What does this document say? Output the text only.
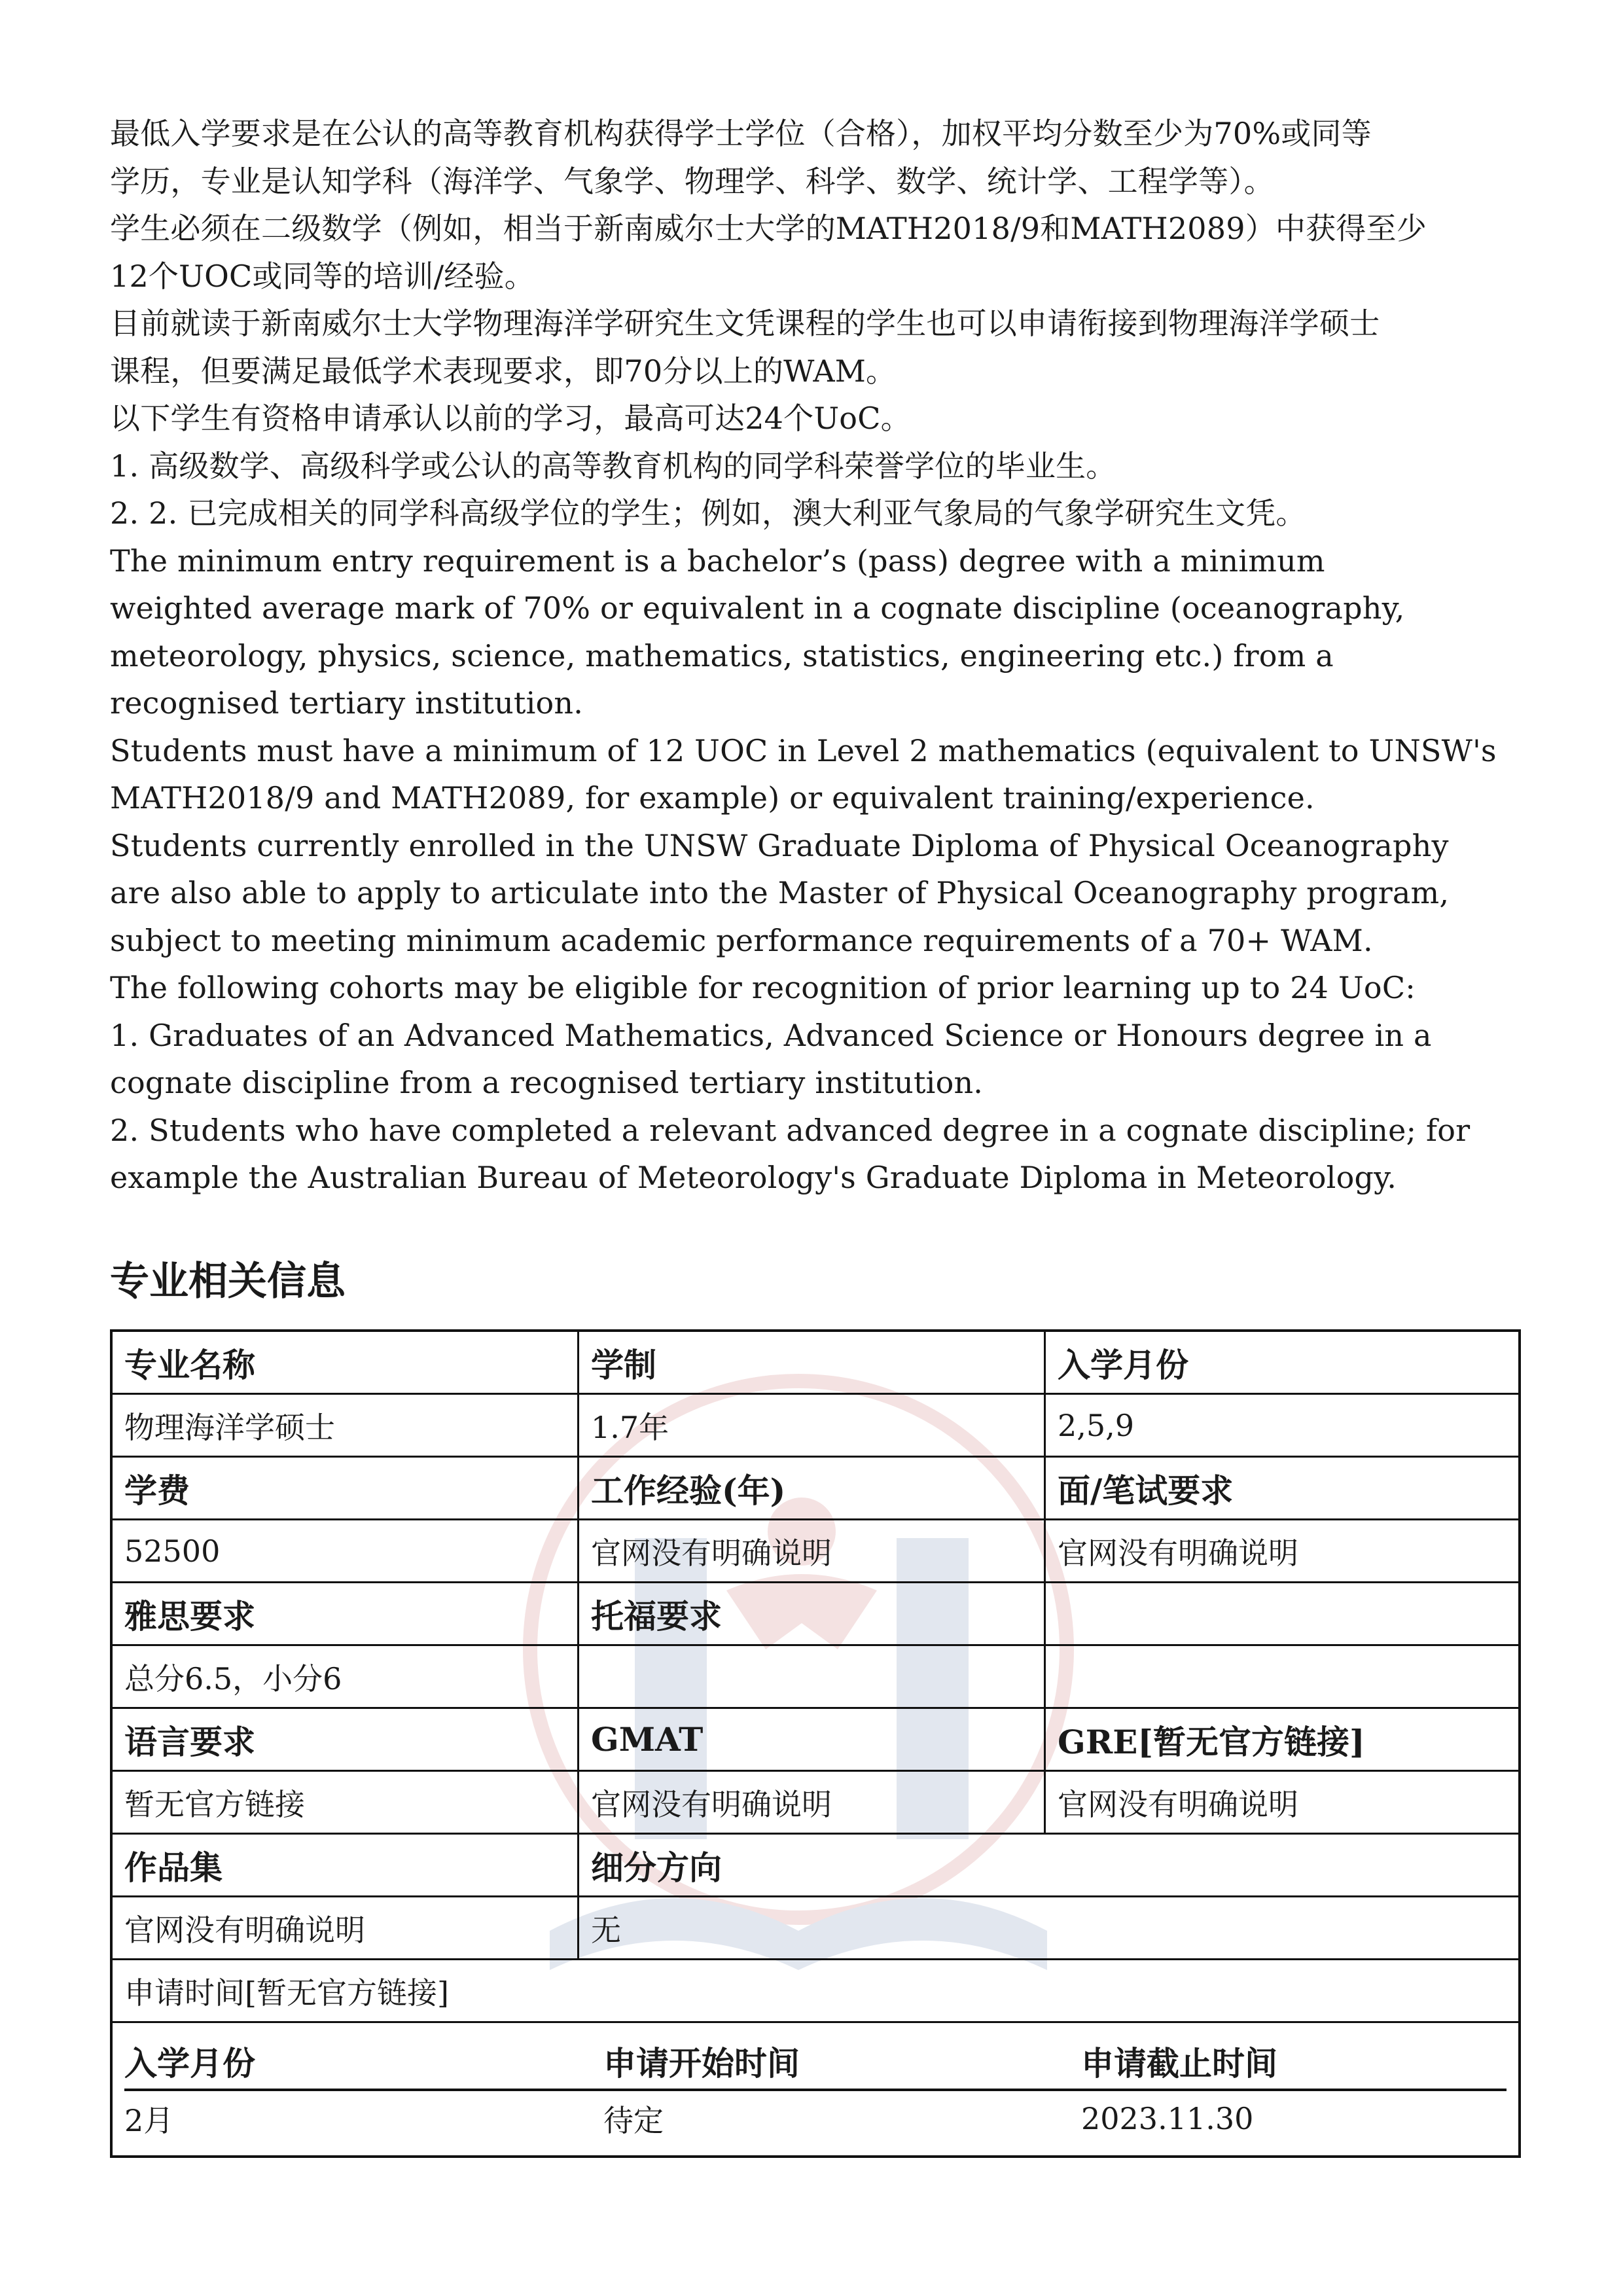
最低入学要求是在公认的高等教育机构获得学士学位（合格），加权平均分数至少为70%或同等

学历，专业是认知学科（海洋学、气象学、物理学、科学、数学、统计学、工程学等）。

学生必须在二级数学（例如，相当于新南威尔士大学的MATH2018/9和MATH2089）中获得至少

12个UOC或同等的培训/经验。

目前就读于新南威尔士大学物理海洋学研究生文凭课程的学生也可以申请衔接到物理海洋学硕士

课程，但要满足最低学术表现要求，即70分以上的WAM。

以下学生有资格申请承认以前的学习，最高可达24个UoC。

1. 高级数学、高级科学或公认的高等教育机构的同学科荣誉学位的毕业生。

2. 2. 已完成相关的同学科高级学位的学生；例如，澳大利亚气象局的气象学研究生文凭。

The minimum entry requirement is a bachelor’s (pass) degree with a minimum

weighted average mark of 70% or equivalent in a cognate discipline (oceanography,

meteorology, physics, science, mathematics, statistics, engineering etc.) from a

recognised tertiary institution.

Students must have a minimum of 12 UOC in Level 2 mathematics (equivalent to UNSW's

MATH2018/9 and MATH2089, for example) or equivalent training/experience.

Students currently enrolled in the UNSW Graduate Diploma of Physical Oceanography

are also able to apply to articulate into the Master of Physical Oceanography program,

subject to meeting minimum academic performance requirements of a 70+ WAM.

The following cohorts may be eligible for recognition of prior learning up to 24 UoC:

1. Graduates of an Advanced Mathematics, Advanced Science or Honours degree in a

cognate discipline from a recognised tertiary institution.

2. Students who have completed a relevant advanced degree in a cognate discipline; for

example the Australian Bureau of Meteorology's Graduate Diploma in Meteorology.

专业相关信息
专业名称	学制	入学月份
物理海洋学硕士	1.7年	2,5,9
学费	工作经验(年)	面/笔试要求
52500	官网没有明确说明	官网没有明确说明
雅思要求	托福要求
总分6.5，小分6
语言要求	GMAT	GRE[暂无官方链接]
暂无官方链接	官网没有明确说明	官网没有明确说明
作品集	细分方向
官网没有明确说明	无
申请时间[暂无官方链接]
入学月份	申请开始时间	申请截止时间
2月	待定	2023.11.30
